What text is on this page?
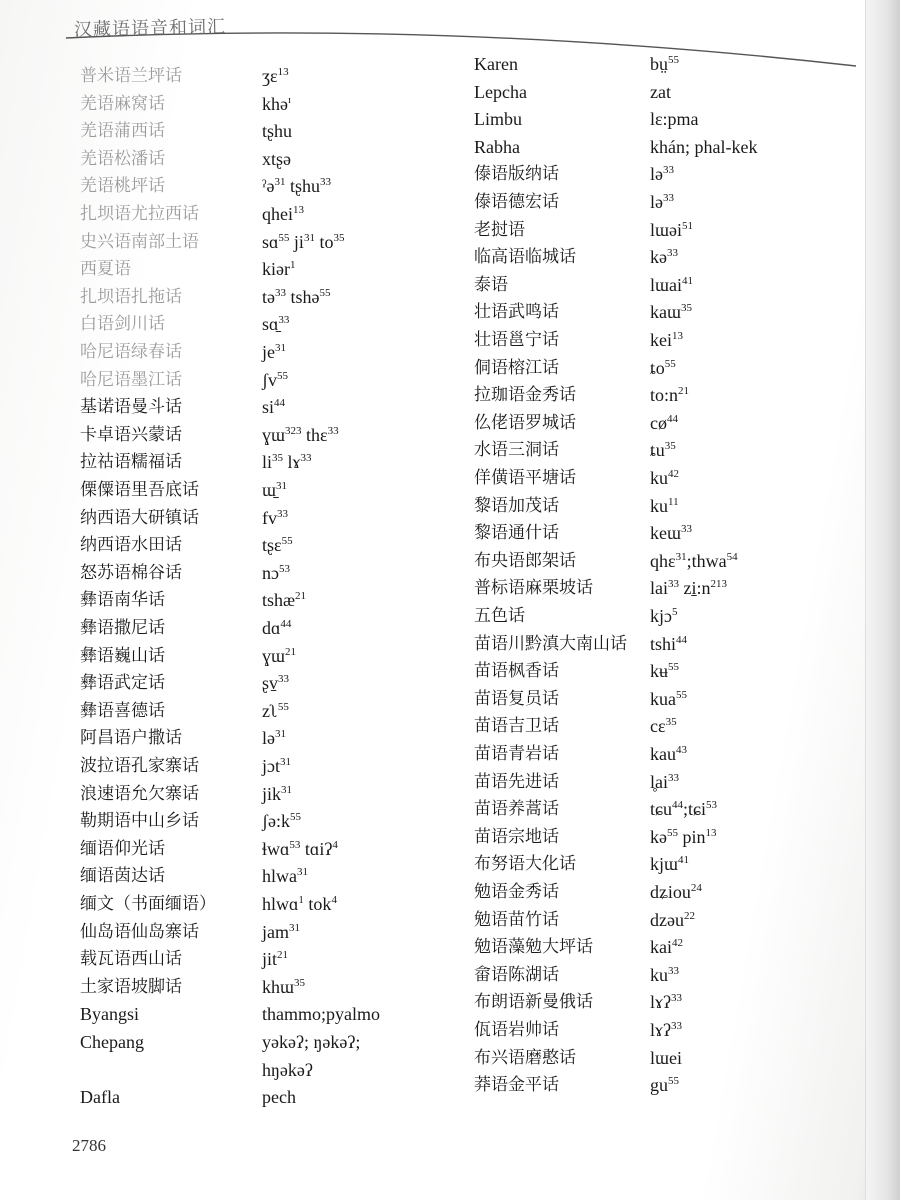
汉藏语语音和词汇
普米语兰坪话	ʒɛ$^{13}$
羌语麻窝话	khə$^ɪ$
羌语蒲西话	tʂhu
羌语松潘话	xtʂə
羌语桃坪话	ˀə$^{31}$ tʂhu$^{33}$
扎坝语尤拉西话	qhei$^{13}$
史兴语南部土语	sɑ$^{55}$ $ji^{31}$ $to^{35}$
西夏语	kiər$^1$
扎坝语扎拖话	tə$^{33}$ tshə$^{55}$
白语剑川话	sɑ̱$^{33}$
哈尼语绿春话	$je^{31}$
哈尼语墨江话	ʃv$^{55}$
基诺语曼斗话	$si^{44}$
卡卓语兴蒙话	ɣɯ$^{323}$ thɛ$^{33}$
拉祜语糯福话	$li^{35}$ lɤ$^{33}$
傈僳语里吾底话	ɯ̱$^{31}$
纳西语大研镇话	$fv^{33}$
纳西语水田话	tʂɛ$^{55}$
怒苏语棉谷话	nɔ$^{53}$
彝语南华话	tshæ$^{21}$
彝语撒尼话	dɑ$^{44}$
彝语巍山话	ɣɯ$^{21}$
彝语武定话	ʂv̱$^{33}$
彝语喜德话	zʅ$^{55}$
阿昌语户撒话	lə$^{31}$
波拉语孔家寨话	jɔt$^{31}$
浪速语允欠寨话	jik$^{31}$
勒期语中山乡话	$ʃə:k^{55}$
缅语仰光话	ɬwɑ$^{53}$ tɑiʔ$^4$
缅语茵达话	hlwa$^{31}$
缅文（书面缅语）	hlwɑ$^1$ tok$^4$
仙岛语仙岛寨话	jam$^{31}$
载瓦语西山话	jit$^{21}$
土家语坡脚话	khɯ$^{35}$
Byangsi	thammo;pyalmo
Chepang	yəkəʔ; ŋəkəʔ;
hŋəkəʔ
Dafla	pech
Karen	bṳ$^{55}$
Lepcha	zat
Limbu	lɛ:pma
Rabha	khán; phal-kek
傣语版纳话	lə$^{33}$
傣语德宏话	lə$^{33}$
老挝语	lɯəi$^{51}$
临高语临城话	kə$^{33}$
泰语	lɯai$^{41}$
壮语武鸣话	kaɯ$^{35}$
壮语邕宁话	kei$^{13}$
侗语榕江话	$ȶo^{55}$
拉珈语金秀话	$to:n^{21}$
仫佬语罗城话	$cø^{44}$
水语三洞话	$ȶu^{35}$
佯僙语平塘话	$ku^{42}$
黎语加茂话	$ku^{11}$
黎语通什话	keɯ$^{33}$
布央语郎架话	qhɛ$^{31}$;thwa$^{54}$
普标语麻栗坡话	lai$^{33}$ $zi̠:n^{213}$
五色话	kjɔ$^5$
苗语川黔滇大南山话 tshi$^{44}$
苗语枫香话	kʉ$^{55}$
苗语复员话	kua$^{55}$
苗语吉卫话	cɛ$^{35}$
苗语青岩话	kau$^{43}$
苗语先进话	$l̥ai^{33}$
苗语养蒿话	tɕu$^{44}$;tɕi$^{53}$
苗语宗地话	kə$^{55}$ pin$^{13}$
布努语大化话	kjɯ$^{41}$
勉语金秀话	dʑiou$^{24}$
勉语苗竹话	dzəu$^{22}$
勉语藻勉大坪话	kai$^{42}$
畲语陈湖话	$ku^{33}$
布朗语新曼俄话	lɤʔ$^{33}$
佤语岩帅话	lɤʔ$^{33}$
布兴语磨憨话	lɯei
莽语金平话	$gu^{55}$
2786
